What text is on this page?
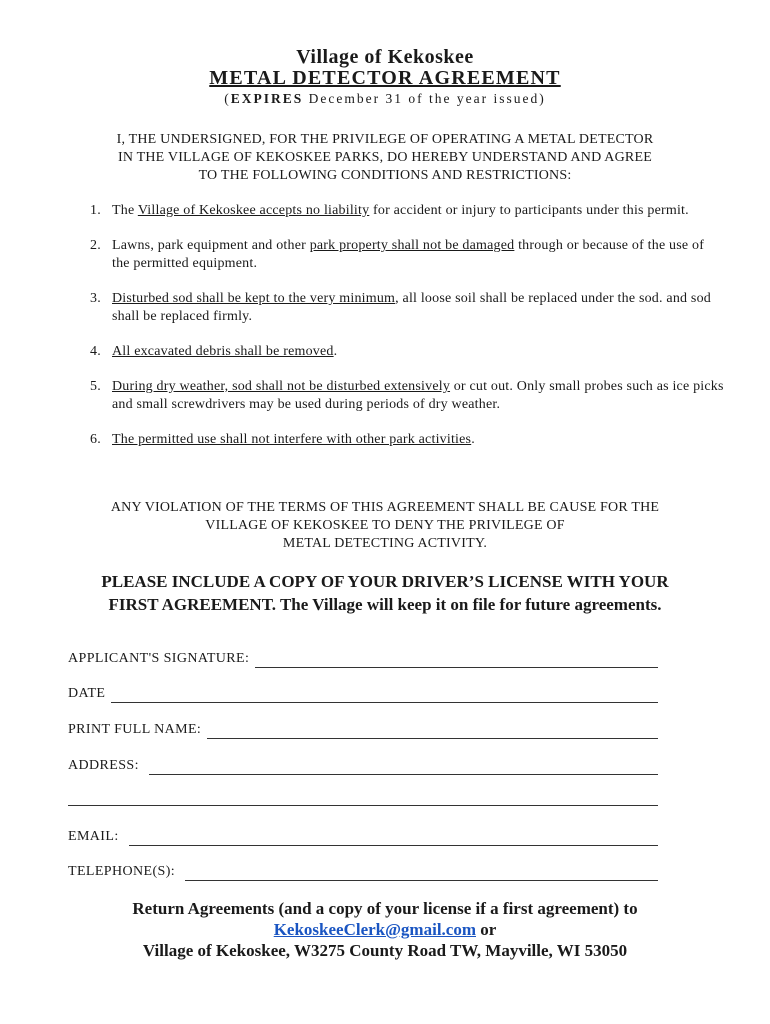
Village of Kekoskee
METAL DETECTOR AGREEMENT
(EXPIRES December 31 of the year issued)
I, THE UNDERSIGNED, FOR THE PRIVILEGE OF OPERATING A METAL DETECTOR
IN THE VILLAGE OF KEKOSKEE PARKS, DO HEREBY UNDERSTAND AND AGREE
TO THE FOLLOWING CONDITIONS AND RESTRICTIONS:
1. The Village of Kekoskee accepts no liability for accident or injury to participants under this permit.
2. Lawns, park equipment and other park property shall not be damaged through or because of the use of the permitted equipment.
3. Disturbed sod shall be kept to the very minimum, all loose soil shall be replaced under the sod. and sod shall be replaced firmly.
4. All excavated debris shall be removed.
5. During dry weather, sod shall not be disturbed extensively or cut out. Only small probes such as ice picks and small screwdrivers may be used during periods of dry weather.
6. The permitted use shall not interfere with other park activities.
ANY VIOLATION OF THE TERMS OF THIS AGREEMENT SHALL BE CAUSE FOR THE
VILLAGE OF KEKOSKEE TO DENY THE PRIVILEGE OF
METAL DETECTING ACTIVITY.
PLEASE INCLUDE A COPY OF YOUR DRIVER’S LICENSE WITH YOUR
FIRST AGREEMENT. The Village will keep it on file for future agreements.
APPLICANT'S SIGNATURE:
DATE
PRINT FULL NAME:
ADDRESS:
EMAIL:
TELEPHONE(S):
Return Agreements (and a copy of your license if a first agreement) to
KekoskeeClerk@gmail.com or
Village of Kekoskee, W3275 County Road TW, Mayville, WI 53050
